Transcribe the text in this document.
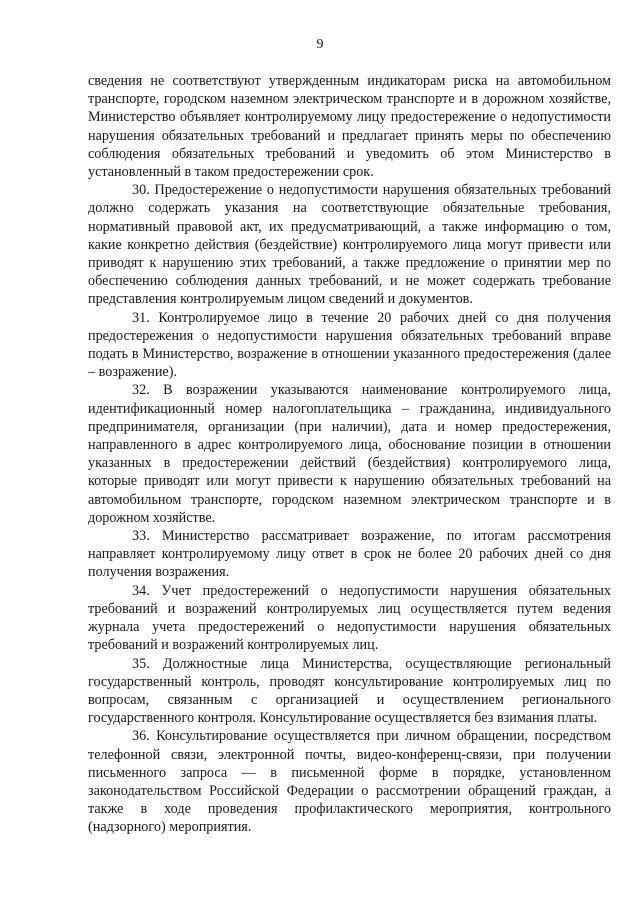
9

сведения не соответствуют утвержденным индикаторам риска на автомобильном транспорте, городском наземном электрическом транспорте и в дорожном хозяйстве, Министерство объявляет контролируемому лицу предостережение о недопустимости нарушения обязательных требований и предлагает принять меры по обеспечению соблюдения обязательных требований и уведомить об этом Министерство в установленный в таком предостережении срок.

30. Предостережение о недопустимости нарушения обязательных требований должно содержать указания на соответствующие обязательные требования, нормативный правовой акт, их предусматривающий, а также информацию о том, какие конкретно действия (бездействие) контролируемого лица могут привести или приводят к нарушению этих требований, а также предложение о принятии мер по обеспечению соблюдения данных требований, и не может содержать требование представления контролируемым лицом сведений и документов.

31. Контролируемое лицо в течение 20 рабочих дней со дня получения предостережения о недопустимости нарушения обязательных требований вправе подать в Министерство, возражение в отношении указанного предостережения (далее – возражение).

32. В возражении указываются наименование контролируемого лица, идентификационный номер налогоплательщика – гражданина, индивидуального предпринимателя, организации (при наличии), дата и номер предостережения, направленного в адрес контролируемого лица, обоснование позиции в отношении указанных в предостережении действий (бездействия) контролируемого лица, которые приводят или могут привести к нарушению обязательных требований на автомобильном транспорте, городском наземном электрическом транспорте и в дорожном хозяйстве.

33. Министерство рассматривает возражение, по итогам рассмотрения направляет контролируемому лицу ответ в срок не более 20 рабочих дней со дня получения возражения.

34. Учет предостережений о недопустимости нарушения обязательных требований и возражений контролируемых лиц осуществляется путем ведения журнала учета предостережений о недопустимости нарушения обязательных требований и возражений контролируемых лиц.

35. Должностные лица Министерства, осуществляющие региональный государственный контроль, проводят консультирование контролируемых лиц по вопросам, связанным с организацией и осуществлением регионального государственного контроля. Консультирование осуществляется без взимания платы.

36. Консультирование осуществляется при личном обращении, посредством телефонной связи, электронной почты, видео-конференц-связи, при получении письменного запроса — в письменной форме в порядке, установленном законодательством Российской Федерации о рассмотрении обращений граждан, а также в ходе проведения профилактического мероприятия, контрольного (надзорного) мероприятия.
